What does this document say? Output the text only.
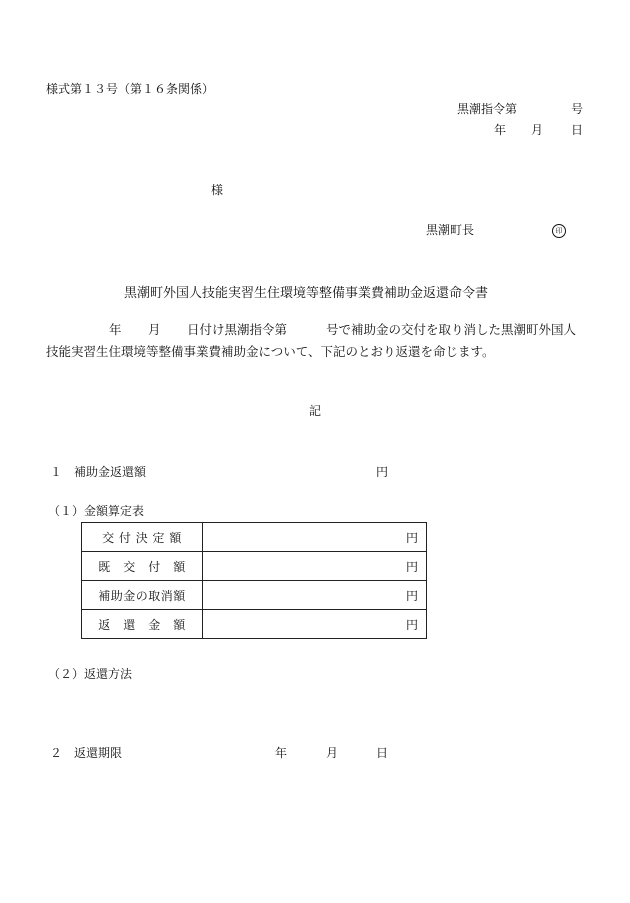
様式第１３号（第１６条関係）
黒潮指令第	号
年 月 日
様
黒潮町長	印
黒潮町外国人技能実習生住環境等整備事業費補助金返還命令書
年 月 日付け黒潮指令第	号で補助金の交付を取り消した黒潮町外国人
技能実習生住環境等整備事業費補助金について、下記のとおり返還を命じます。
記
１　補助金返還額	円
（１）金額算定表
交 付 決 定 額	円
既　交　付　額	円
補助金の取消額	円
返　還　金　額	円
（２）返還方法
２　返還期限	年	月	日
